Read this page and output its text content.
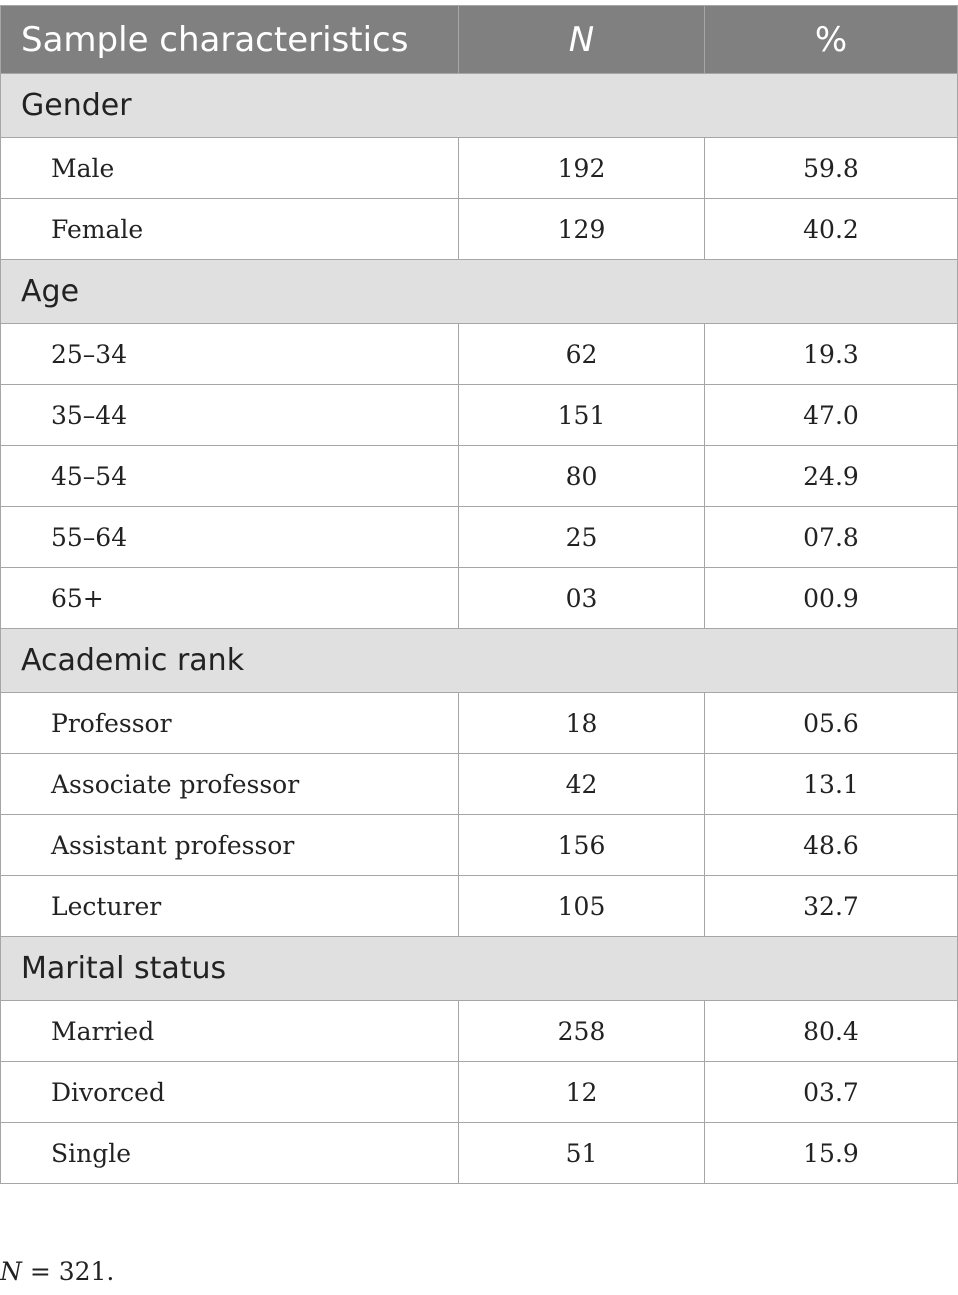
Sample characteristics	N	%
Gender		
Male	192	59.8
Female	129	40.2
Age		
25–34	62	19.3
35–44	151	47.0
45–54	80	24.9
55–64	25	07.8
65+	03	00.9
Academic rank		
Professor	18	05.6
Associate professor	42	13.1
Assistant professor	156	48.6
Lecturer	105	32.7
Marital status		
Married	258	80.4
Divorced	12	03.7
Single	51	15.9
N = 321.
